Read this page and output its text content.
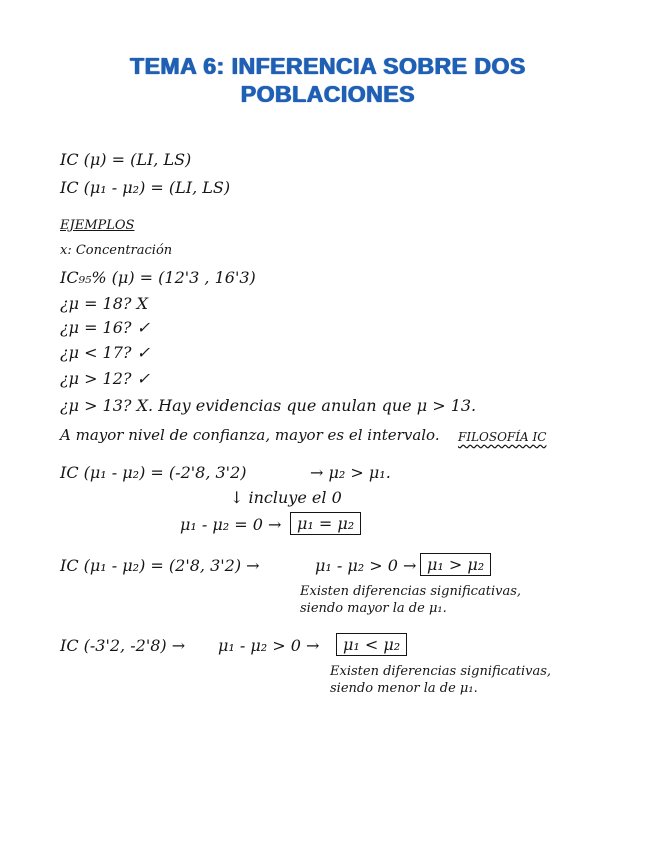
TEMA 6: INFERENCIA SOBRE DOS
POBLACIONES
IC (μ) = (LI, LS)
IC (μ₁ - μ₂) = (LI, LS)
EJEMPLOS
x: Concentración
IC₉₅% (μ) = (12'3 , 16'3)
¿μ = 18? X
¿μ = 16? ✓
¿μ < 17? ✓
¿μ > 12? ✓
¿μ > 13? X. Hay evidencias que anulan que μ > 13.
A mayor nivel de confianza, mayor es el intervalo. FILOSOFÍA IC
IC (μ₁ - μ₂) = (-2'8, 3'2)	→ μ₂ > μ₁.
↓ incluye el 0
μ₁ - μ₂ = 0 → μ₁ = μ₂
IC (μ₁ - μ₂) = (2'8, 3'2) →	μ₁ - μ₂ > 0 → μ₁ > μ₂
Existen diferencias significativas,
siendo mayor la de μ₁.
IC (-3'2, -2'8) → μ₁ - μ₂ > 0 →	μ₁ < μ₂
Existen diferencias significativas,
siendo menor la de μ₁.
